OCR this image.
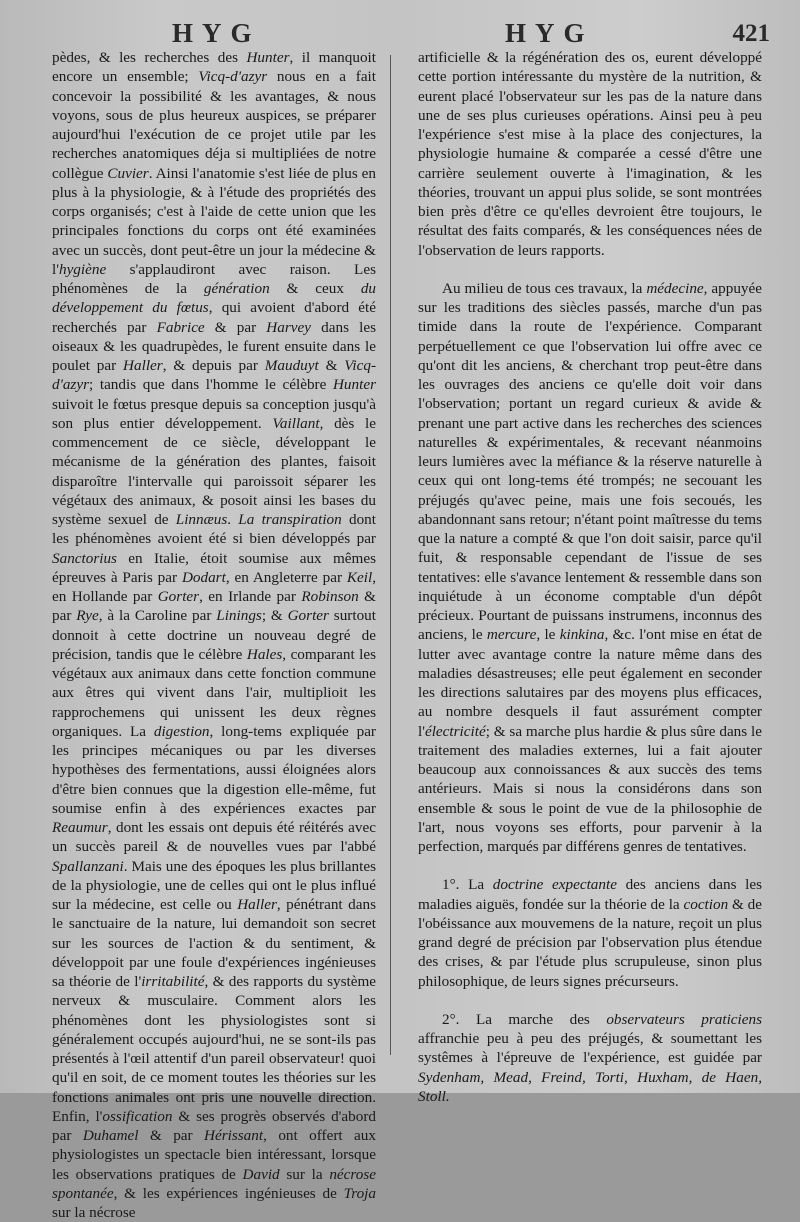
HYG	HYG	421

pèdes, & les recherches des Hunter, il manquoit encore un ensemble; Vicq-d'azyr nous en a fait concevoir la possibilité & les avantages, & nous voyons, sous de plus heureux auspices, se préparer aujourd'hui l'exécution de ce projet utile par les recherches anatomiques déja si multipliées de notre collègue Cuvier. Ainsi l'anatomie s'est liée de plus en plus à la physiologie, & à l'étude des propriétés des corps organisés; c'est à l'aide de cette union que les principales fonctions du corps ont été examinées avec un succès, dont peut-être un jour la médecine & l'hygiène s'applaudiront avec raison. Les phénomènes de la génération & ceux du développement du fœtus, qui avoient d'abord été recherchés par Fabrice & par Harvey dans les oiseaux & les quadrupèdes, le furent ensuite dans le poulet par Haller, & depuis par Mauduyt & Vicq-d'azyr; tandis que dans l'homme le célèbre Hunter suivoit le fœtus presque depuis sa conception jusqu'à son plus entier développement. Vaillant, dès le commencement de ce siècle, développant le mécanisme de la génération des plantes, faisoit disparoître l'intervalle qui paroissoit séparer les végétaux des animaux, & posoit ainsi les bases du système sexuel de Linnæus. La transpiration dont les phénomènes avoient été si bien développés par Sanctorius en Italie, étoit soumise aux mêmes épreuves à Paris par Dodart, en Angleterre par Keil, en Hollande par Gorter, en Irlande par Robinson & par Rye, à la Caroline par Linings; & Gorter surtout donnoit à cette doctrine un nouveau degré de précision, tandis que le célèbre Hales, comparant les végétaux aux animaux dans cette fonction commune aux êtres qui vivent dans l'air, multiplioit les rapprochemens qui unissent les deux règnes organiques. La digestion, long-tems expliquée par les principes mécaniques ou par les diverses hypothèses des fermentations, aussi éloignées alors d'être bien connues que la digestion elle-même, fut soumise enfin à des expériences exactes par Reaumur, dont les essais ont depuis été réitérés avec un succès pareil & de nouvelles vues par l'abbé Spallanzani. Mais une des époques les plus brillantes de la physiologie, une de celles qui ont le plus influé sur la médecine, est celle ou Haller, pénétrant dans le sanctuaire de la nature, lui demandoit son secret sur les sources de l'action & du sentiment, & développoit par une foule d'expériences ingénieuses sa théorie de l'irritabilité, & des rapports du système nerveux & musculaire. Comment alors les phénomènes dont les physiologistes sont si généralement occupés aujourd'hui, ne se sont-ils pas présentés à l'œil attentif d'un pareil observateur! quoi qu'il en soit, de ce moment toutes les théories sur les fonctions animales ont pris une nouvelle direction. Enfin, l'ossification & ses progrès observés d'abord par Duhamel & par Hérissant, ont offert aux physiologistes un spectacle bien intéressant, lorsque les observations pratiques de David sur la nécrose spontanée, & les expériences ingénieuses de Troja sur la nécrose

artificielle & la régénération des os, eurent développé cette portion intéressante du mystère de la nutrition, & eurent placé l'observateur sur les pas de la nature dans une de ses plus curieuses opérations. Ainsi peu à peu l'expérience s'est mise à la place des conjectures, la physiologie humaine & comparée a cessé d'être une carrière seulement ouverte à l'imagination, & les théories, trouvant un appui plus solide, se sont montrées bien près d'être ce qu'elles devroient être toujours, le résultat des faits comparés, & les conséquences nées de l'observation de leurs rapports.

Au milieu de tous ces travaux, la médecine, appuyée sur les traditions des siècles passés, marche d'un pas timide dans la route de l'expérience. Comparant perpétuellement ce que l'observation lui offre avec ce qu'ont dit les anciens, & cherchant trop peut-être dans les ouvrages des anciens ce qu'elle doit voir dans l'observation; portant un regard curieux & avide & prenant une part active dans les recherches des sciences naturelles & expérimentales, & recevant néanmoins leurs lumières avec la méfiance & la réserve naturelle à ceux qui ont long-tems été trompés; ne secouant les préjugés qu'avec peine, mais une fois secoués, les abandonnant sans retour; n'étant point maîtresse du tems que la nature a compté & que l'on doit saisir, parce qu'il fuit, & responsable cependant de l'issue de ses tentatives: elle s'avance lentement & ressemble dans son inquiétude à un économe comptable d'un dépôt précieux. Pourtant de puissans instrumens, inconnus des anciens, le mercure, le kinkina, &c. l'ont mise en état de lutter avec avantage contre la nature même dans des maladies désastreuses; elle peut également en seconder les directions salutaires par des moyens plus efficaces, au nombre desquels il faut assurément compter l'électricité; & sa marche plus hardie & plus sûre dans le traitement des maladies externes, lui a fait ajouter beaucoup aux connoissances & aux succès des tems antérieurs. Mais si nous la considérons dans son ensemble & sous le point de vue de la philosophie de l'art, nous voyons ses efforts, pour parvenir à la perfection, marqués par différens genres de tentatives.

1°. La doctrine expectante des anciens dans les maladies aiguës, fondée sur la théorie de la coction & de l'obéissance aux mouvemens de la nature, reçoit un plus grand degré de précision par l'observation plus étendue des crises, & par l'étude plus scrupuleuse, sinon plus philosophique, de leurs signes précurseurs.

2°. La marche des observateurs praticiens affranchie peu à peu des préjugés, & soumettant les systêmes à l'épreuve de l'expérience, est guidée par Sydenham, Mead, Freind, Torti, Huxham, de Haen, Stoll.
